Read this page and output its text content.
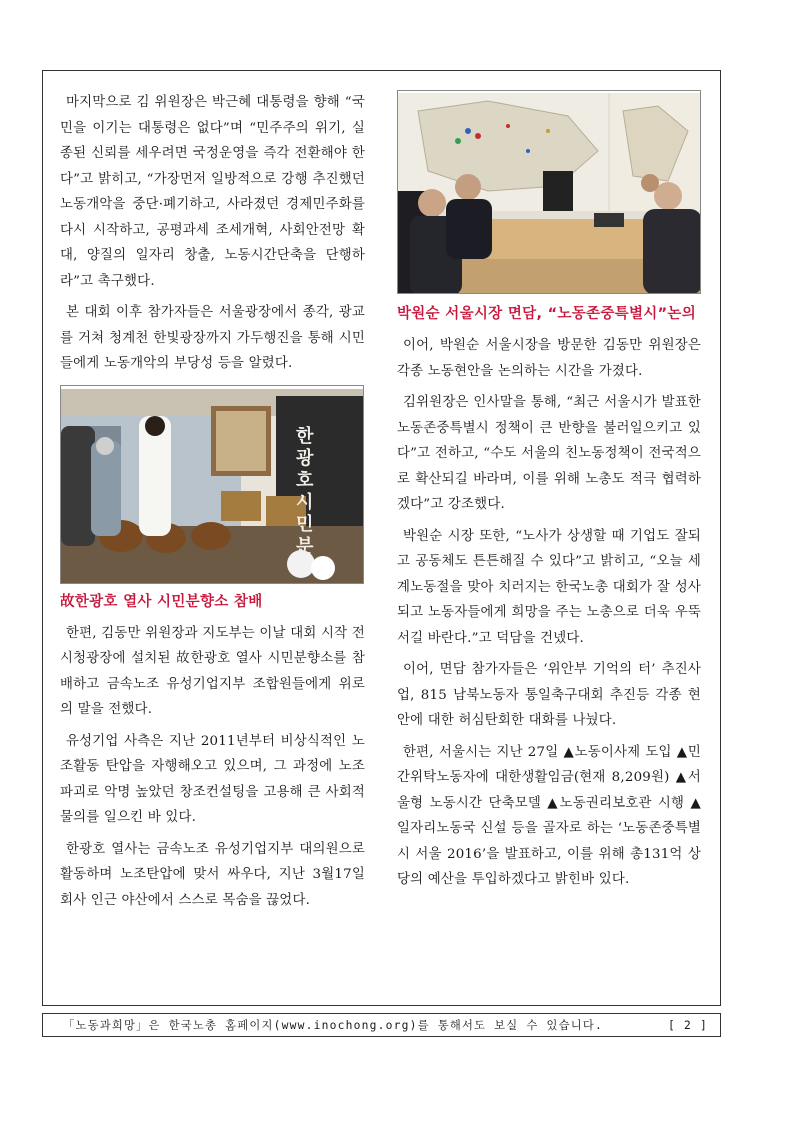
마지막으로 김 위원장은 박근혜 대통령을 향해 “국민을 이기는 대통령은 없다”며 “민주주의 위기, 실종된 신뢰를 세우려면 국정운영을 즉각 전환해야 한다”고 밝히고, “가장먼저 일방적으로 강행 추진했던 노동개악을 중단·폐기하고, 사라졌던 경제민주화를 다시 시작하고, 공평과세 조세개혁, 사회안전망 확대, 양질의 일자리 창출, 노동시간단축을 단행하라”고 촉구했다.

본 대회 이후 참가자들은 서울광장에서 종각, 광교를 거쳐 청계천 한빛광장까지 가두행진을 통해 시민들에게 노동개악의 부당성 등을 알렸다.

한광호 시민분
故한광호 열사 시민분향소 참배

한편, 김동만 위원장과 지도부는 이날 대회 시작 전 시청광장에 설치된 故한광호 열사 시민분향소를 참배하고 금속노조 유성기업지부 조합원들에게 위로의 말을 전했다.

유성기업 사측은 지난 2011년부터 비상식적인 노조활동 탄압을 자행해오고 있으며, 그 과정에 노조파괴로 악명 높았던 창조컨설팅을 고용해 큰 사회적 물의를 일으킨 바 있다.

한광호 열사는 금속노조 유성기업지부 대의원으로 활동하며 노조탄압에 맞서 싸우다, 지난 3월17일 회사 인근 야산에서 스스로 목숨을 끊었다.

박원순 서울시장 면담, “노동존중특별시”논의

이어, 박원순 서울시장을 방문한 김동만 위원장은 각종 노동현안을 논의하는 시간을 가졌다.

김위원장은 인사말을 통해, “최근 서울시가 발표한 노동존중특별시 정책이 큰 반향을 불러일으키고 있다”고 전하고, “수도 서울의 친노동정책이 전국적으로 확산되길 바라며, 이를 위해 노총도 적극 협력하겠다”고 강조했다.

박원순 시장 또한, “노사가 상생할 때 기업도 잘되고 공동체도 튼튼해질 수 있다”고 밝히고, “오늘 세계노동절을 맞아 치러지는 한국노총 대회가 잘 성사되고 노동자들에게 희망을 주는 노총으로 더욱 우뚝 서길 바란다.”고 덕담을 건넸다.

이어, 면담 참가자들은 ‘위안부 기억의 터’ 추진사업, 815 남북노동자 통일축구대회 추진등 각종 현안에 대한 허심탄회한 대화를 나눴다.

한편, 서울시는 지난 27일 ▲노동이사제 도입 ▲민간위탁노동자에 대한생활임금(현재 8,209원) ▲서울형 노동시간 단축모델 ▲노동권리보호관 시행 ▲일자리노동국 신설 등을 골자로 하는 ‘노동존중특별시 서울 2016’을 발표하고, 이를 위해 총131억 상당의 예산을 투입하겠다고 밝힌바 있다.

「노동과희망」은 한국노총 홈페이지(www.inochong.org)를 통해서도 보실 수 있습니다.	[ 2 ]
